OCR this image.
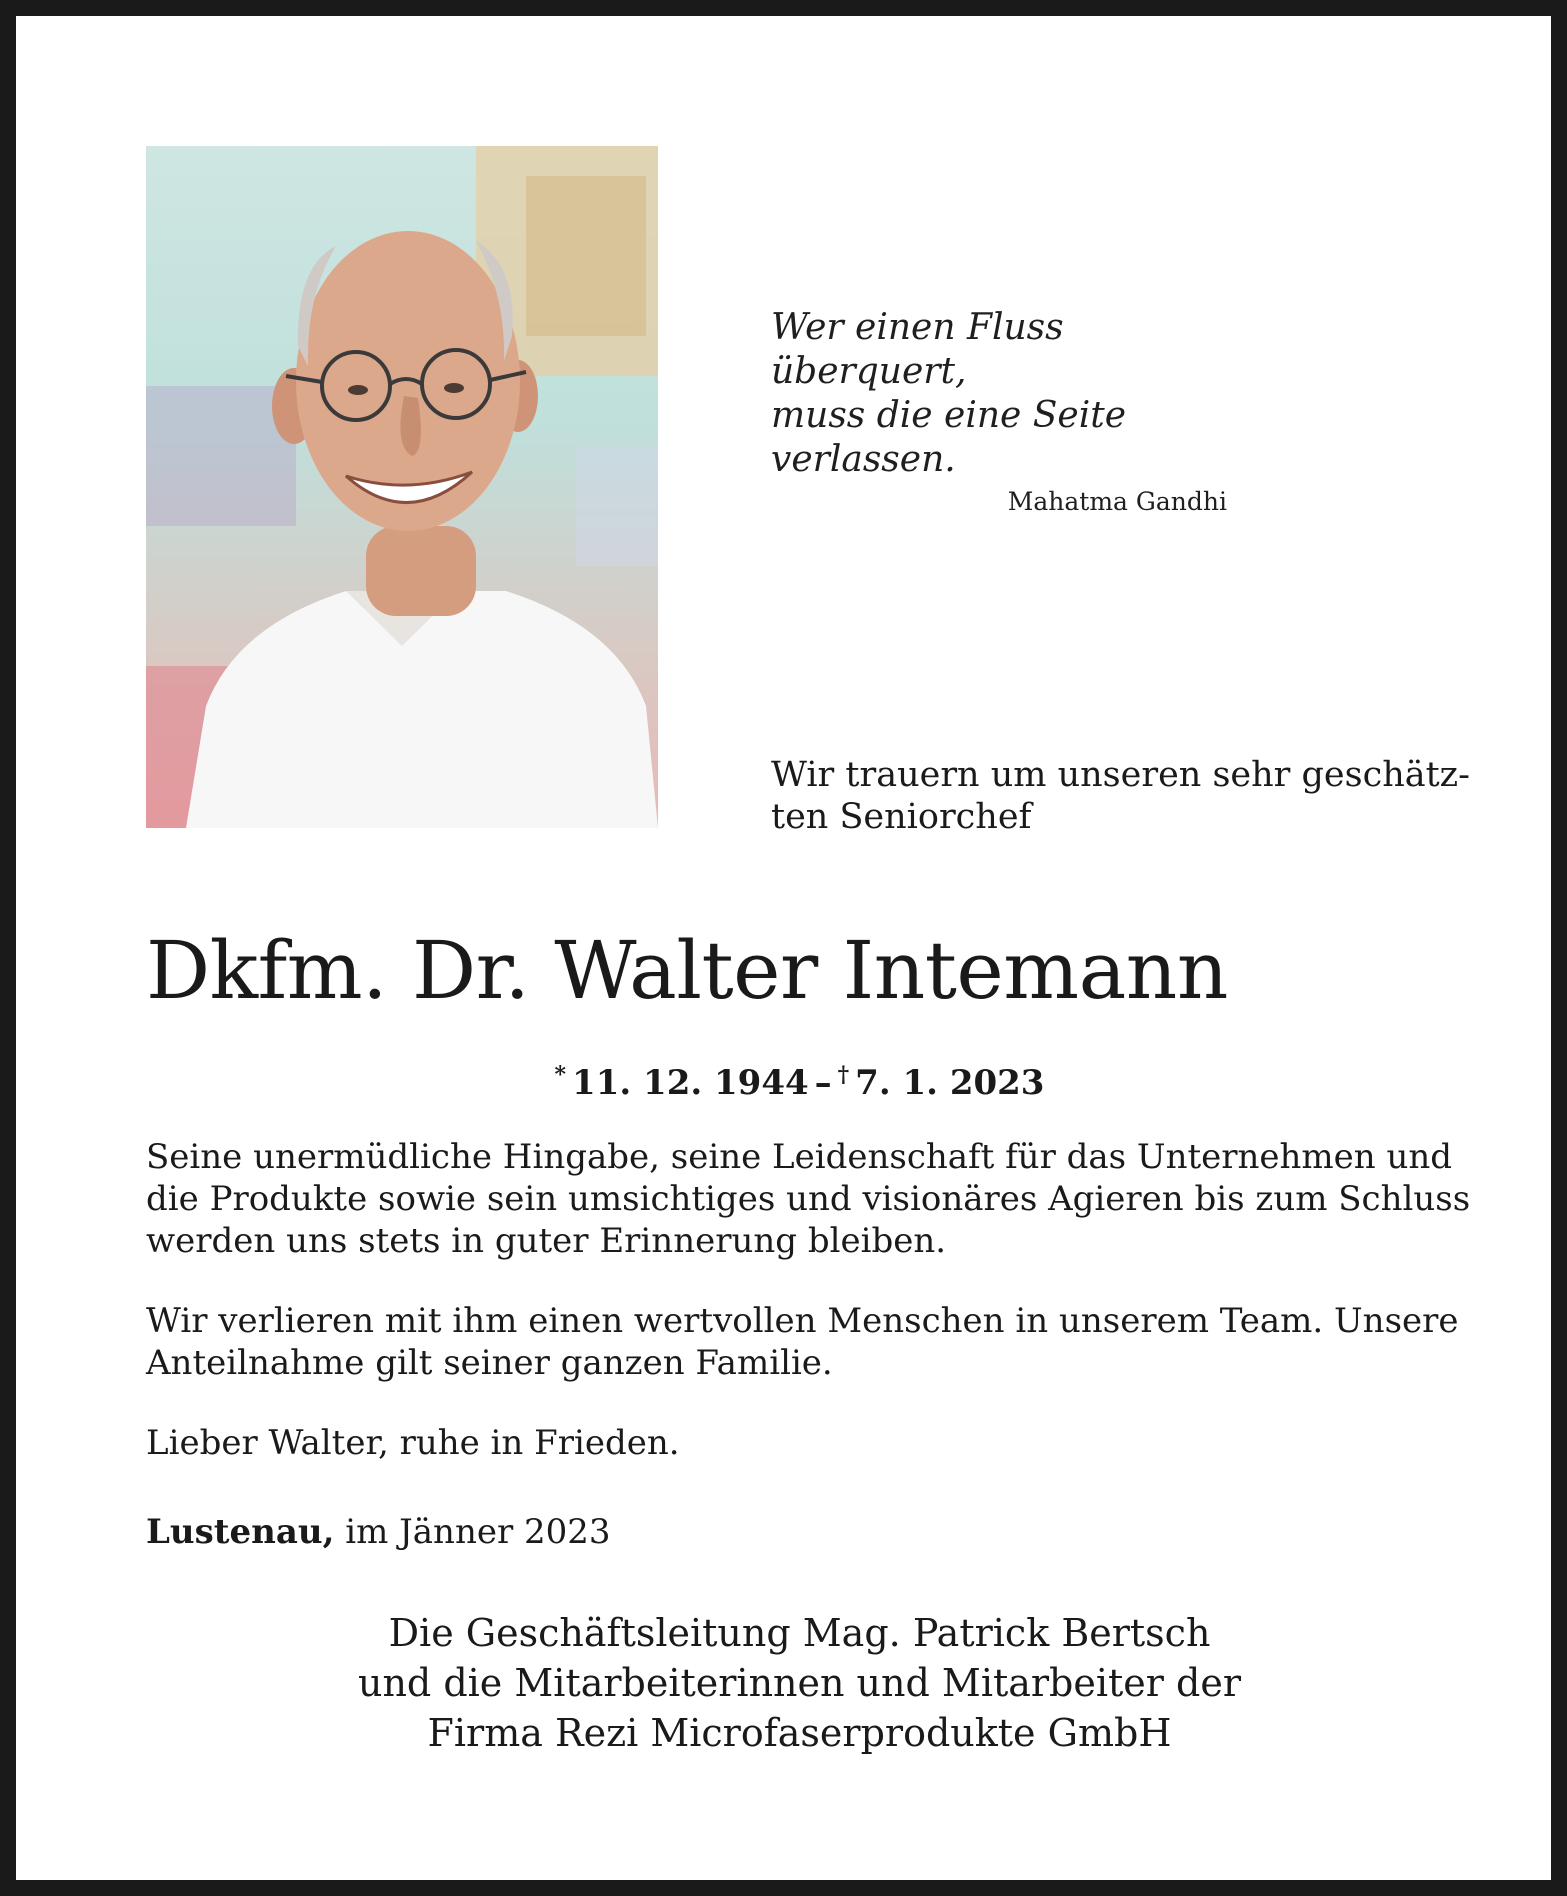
Wer einen Fluss überquert,
muss die eine Seite verlassen.
Mahatma Gandhi
Wir trauern um unseren sehr geschätz-
ten Seniorchef
Dkfm. Dr. Walter Intemann
* 11. 12. 1944 – † 7. 1. 2023
Seine unermüdliche Hingabe, seine Leidenschaft für das Unternehmen und
die Produkte sowie sein umsichtiges und visionäres Agieren bis zum Schluss
werden uns stets in guter Erinnerung bleiben.
Wir verlieren mit ihm einen wertvollen Menschen in unserem Team. Unsere
Anteilnahme gilt seiner ganzen Familie.
Lieber Walter, ruhe in Frieden.
Lustenau, im Jänner 2023
Die Geschäftsleitung Mag. Patrick Bertsch
und die Mitarbeiterinnen und Mitarbeiter der
Firma Rezi Microfaserprodukte GmbH
